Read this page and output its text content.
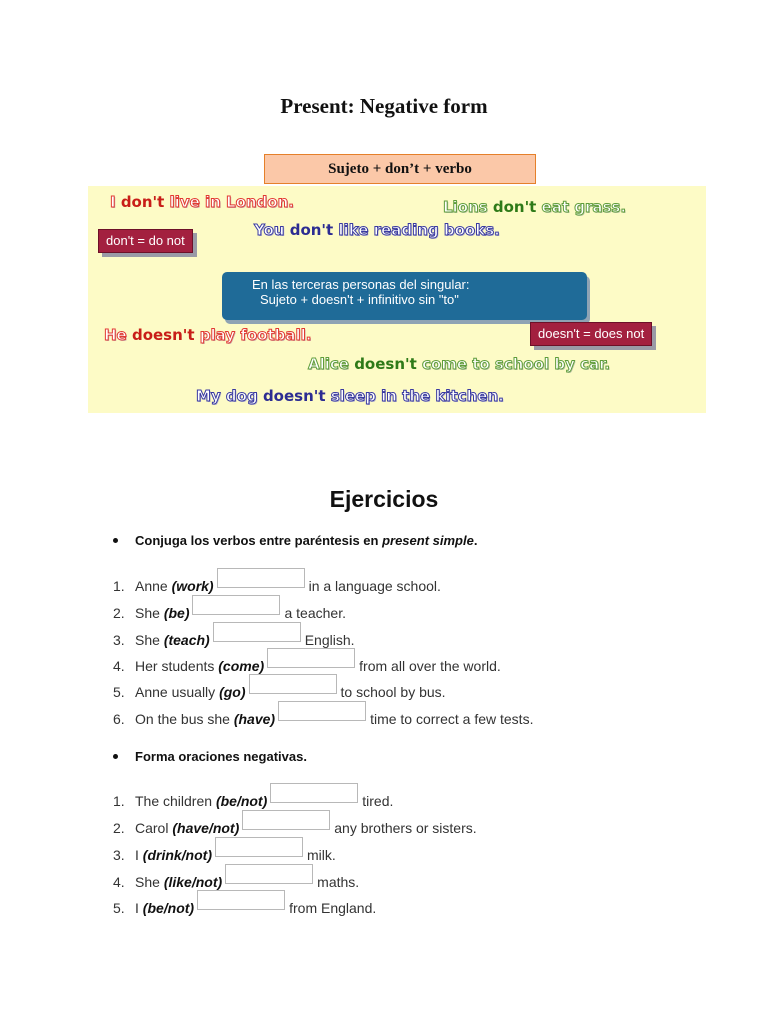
Present: Negative form
Sujeto + don’t + verbo
I don't live in London.	Lions don't eat grass.
You don't like reading books.
don't = do not
En las terceras personas del singular:
Sujeto + doesn't + infinitivo sin "to"
He doesn't play football.	doesn't = does not
Alice doesn't come to school by car.
My dog doesn't sleep in the kitchen.
Ejercicios
Conjuga los verbos entre paréntesis en present simple.
1. Anne (work)	in a language school.
2. She (be)	a teacher.
3. She (teach)	English.
4. Her students (come)	from all over the world.
5. Anne usually (go)	to school by bus.
6. On the bus she (have)	time to correct a few tests.
Forma oraciones negativas.
1. The children (be/not)	tired.
2. Carol (have/not)	any brothers or sisters.
3. I (drink/not)	milk.
4. She (like/not)	maths.
5. I (be/not)	from England.
